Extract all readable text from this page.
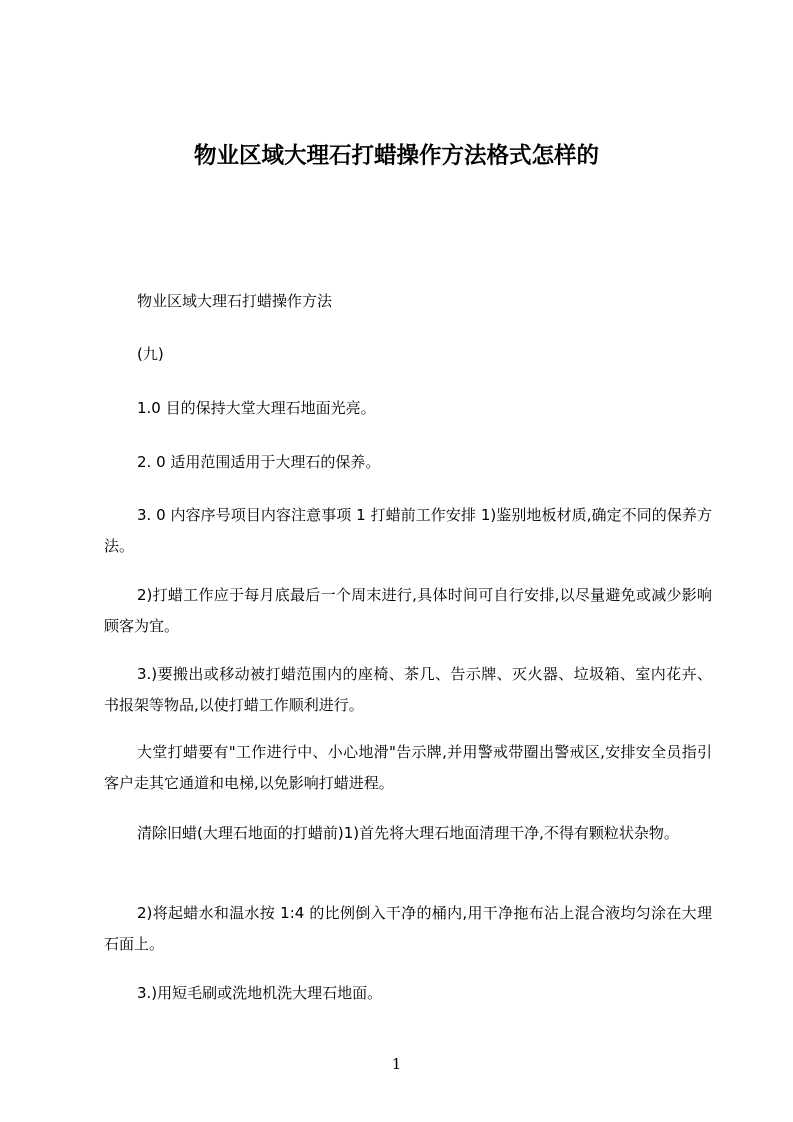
物业区域大理石打蜡操作方法格式怎样的

物业区域大理石打蜡操作方法

(九)

1.0 目的保持大堂大理石地面光亮。

2. 0 适用范围适用于大理石的保养。

3. 0 内容序号项目内容注意事项 1 打蜡前工作安排 1)鉴别地板材质,确定不同的保养方法。

2)打蜡工作应于每月底最后一个周末进行,具体时间可自行安排,以尽量避免或减少影响顾客为宜。

3.)要搬出或移动被打蜡范围内的座椅、茶几、告示牌、灭火器、垃圾箱、室内花卉、书报架等物品,以使打蜡工作顺利进行。

大堂打蜡要有"工作进行中、小心地滑"告示牌,并用警戒带圈出警戒区,安排安全员指引客户走其它通道和电梯,以免影响打蜡进程。

清除旧蜡(大理石地面的打蜡前)1)首先将大理石地面清理干净,不得有颗粒状杂物。

2)将起蜡水和温水按 1:4 的比例倒入干净的桶内,用干净拖布沾上混合液均匀涂在大理石面上。

3.)用短毛刷或洗地机洗大理石地面。

1
